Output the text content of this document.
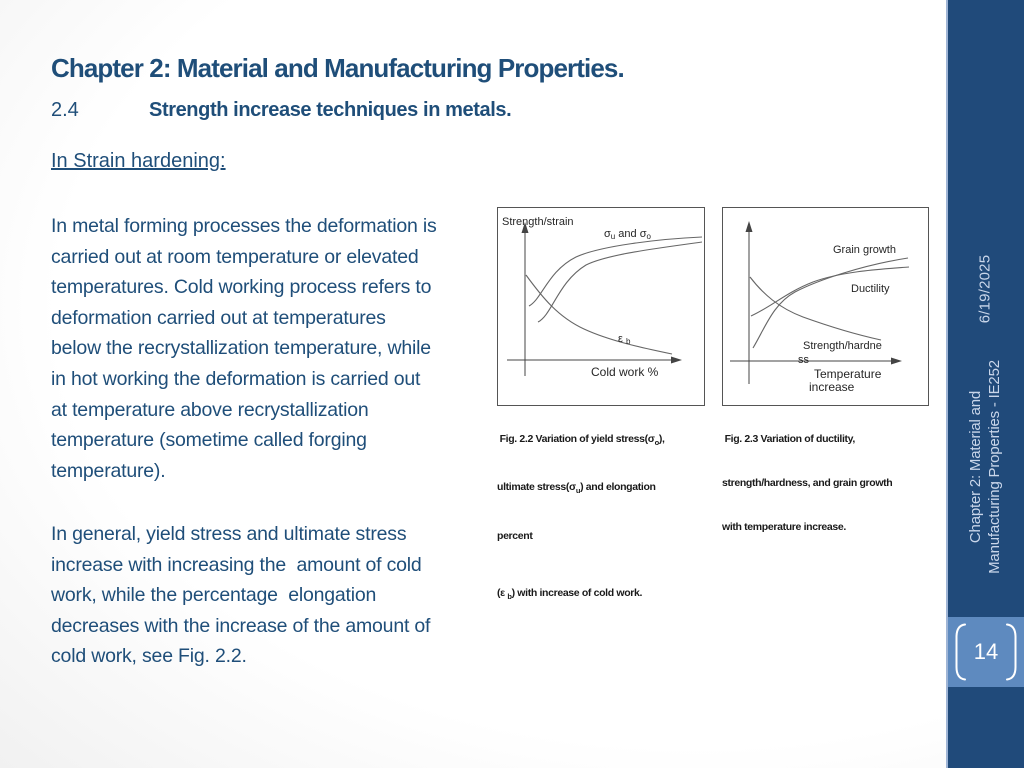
Chapter 2: Material and Manufacturing Properties.
2.4	Strength increase techniques in metals.
In Strain hardening:
In metal forming processes the deformation is
carried out at room temperature or elevated
temperatures. Cold working process refers to
deformation carried out at temperatures
below the recrystallization temperature, while
in hot working the deformation is carried out
at temperature above recrystallization
temperature (sometime called forging
temperature).
In general, yield stress and ultimate stress
increase with increasing the  amount of cold
work, while the percentage  elongation
decreases with the increase of the amount of
cold work, see Fig. 2.2.
Strength/strain
σu and σo
ε b
Cold work %
Grain growth
Ductility
Strength/hardne
ss
Temperature
increase

Fig. 2.2 Variation of yield $stress(\sigma_o)$,

ultimate $stress(\sigma_u)$ and elongation

percent

(ε $_b$) with increase of cold work.

Fig. 2.3 Variation of ductility,

strength/hardness, and grain growth

with temperature increase.

6/19/2025
Chapter 2: Material and Manufacturing Properties - IE252
14
